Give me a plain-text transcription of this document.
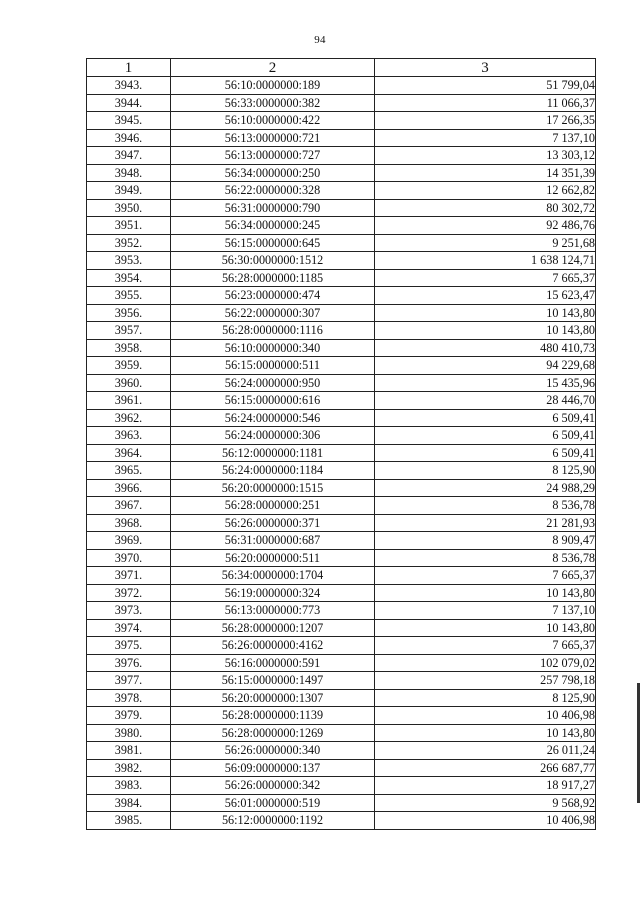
94
1	2	3
3943.	56:10:0000000:189	51 799,04
3944.	56:33:0000000:382	11 066,37
3945.	56:10:0000000:422	17 266,35
3946.	56:13:0000000:721	7 137,10
3947.	56:13:0000000:727	13 303,12
3948.	56:34:0000000:250	14 351,39
3949.	56:22:0000000:328	12 662,82
3950.	56:31:0000000:790	80 302,72
3951.	56:34:0000000:245	92 486,76
3952.	56:15:0000000:645	9 251,68
3953.	56:30:0000000:1512	1 638 124,71
3954.	56:28:0000000:1185	7 665,37
3955.	56:23:0000000:474	15 623,47
3956.	56:22:0000000:307	10 143,80
3957.	56:28:0000000:1116	10 143,80
3958.	56:10:0000000:340	480 410,73
3959.	56:15:0000000:511	94 229,68
3960.	56:24:0000000:950	15 435,96
3961.	56:15:0000000:616	28 446,70
3962.	56:24:0000000:546	6 509,41
3963.	56:24:0000000:306	6 509,41
3964.	56:12:0000000:1181	6 509,41
3965.	56:24:0000000:1184	8 125,90
3966.	56:20:0000000:1515	24 988,29
3967.	56:28:0000000:251	8 536,78
3968.	56:26:0000000:371	21 281,93
3969.	56:31:0000000:687	8 909,47
3970.	56:20:0000000:511	8 536,78
3971.	56:34:0000000:1704	7 665,37
3972.	56:19:0000000:324	10 143,80
3973.	56:13:0000000:773	7 137,10
3974.	56:28:0000000:1207	10 143,80
3975.	56:26:0000000:4162	7 665,37
3976.	56:16:0000000:591	102 079,02
3977.	56:15:0000000:1497	257 798,18
3978.	56:20:0000000:1307	8 125,90
3979.	56:28:0000000:1139	10 406,98
3980.	56:28:0000000:1269	10 143,80
3981.	56:26:0000000:340	26 011,24
3982.	56:09:0000000:137	266 687,77
3983.	56:26:0000000:342	18 917,27
3984.	56:01:0000000:519	9 568,92
3985.	56:12:0000000:1192	10 406,98
